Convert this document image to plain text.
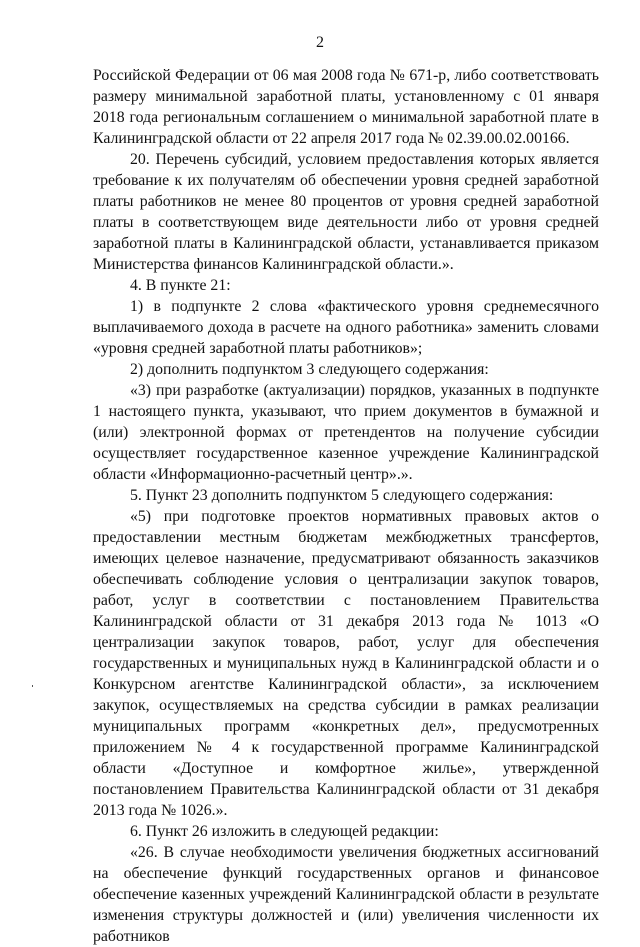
2

Российской Федерации от 06 мая 2008 года № 671-р, либо соответствовать размеру минимальной заработной платы, установленному с 01 января 2018 года региональным соглашением о минимальной заработной плате в Калининградской области от 22 апреля 2017 года № 02.39.00.02.00166.

20. Перечень субсидий, условием предоставления которых является требование к их получателям об обеспечении уровня средней заработной платы работников не менее 80 процентов от уровня средней заработной платы в соответствующем виде деятельности либо от уровня средней заработной платы в Калининградской области, устанавливается приказом Министерства финансов Калининградской области.».

4. В пункте 21:

1) в подпункте 2 слова «фактического уровня среднемесячного выплачиваемого дохода в расчете на одного работника» заменить словами «уровня средней заработной платы работников»;

2) дополнить подпунктом 3 следующего содержания:

«3) при разработке (актуализации) порядков, указанных в подпункте 1 настоящего пункта, указывают, что прием документов в бумажной и (или) электронной формах от претендентов на получение субсидии осуществляет государственное казенное учреждение Калининградской области «Информационно-расчетный центр».».

5. Пункт 23 дополнить подпунктом 5 следующего содержания:

«5) при подготовке проектов нормативных правовых актов о предоставлении местным бюджетам межбюджетных трансфертов, имеющих целевое назначение, предусматривают обязанность заказчиков обеспечивать соблюдение условия о централизации закупок товаров, работ, услуг в соответствии с постановлением Правительства Калининградской области от 31 декабря 2013 года № 1013 «О централизации закупок товаров, работ, услуг для обеспечения государственных и муниципальных нужд в Калининградской области и о Конкурсном агентстве Калининградской области», за исключением закупок, осуществляемых на средства субсидии в рамках реализации муниципальных программ «конкретных дел», предусмотренных приложением № 4 к государственной программе Калининградской области «Доступное и комфортное жилье», утвержденной постановлением Правительства Калининградской области от 31 декабря 2013 года № 1026.».

6. Пункт 26 изложить в следующей редакции:

«26. В случае необходимости увеличения бюджетных ассигнований на обеспечение функций государственных органов и финансовое обеспечение казенных учреждений Калининградской области в результате изменения структуры должностей и (или) увеличения численности их работников
